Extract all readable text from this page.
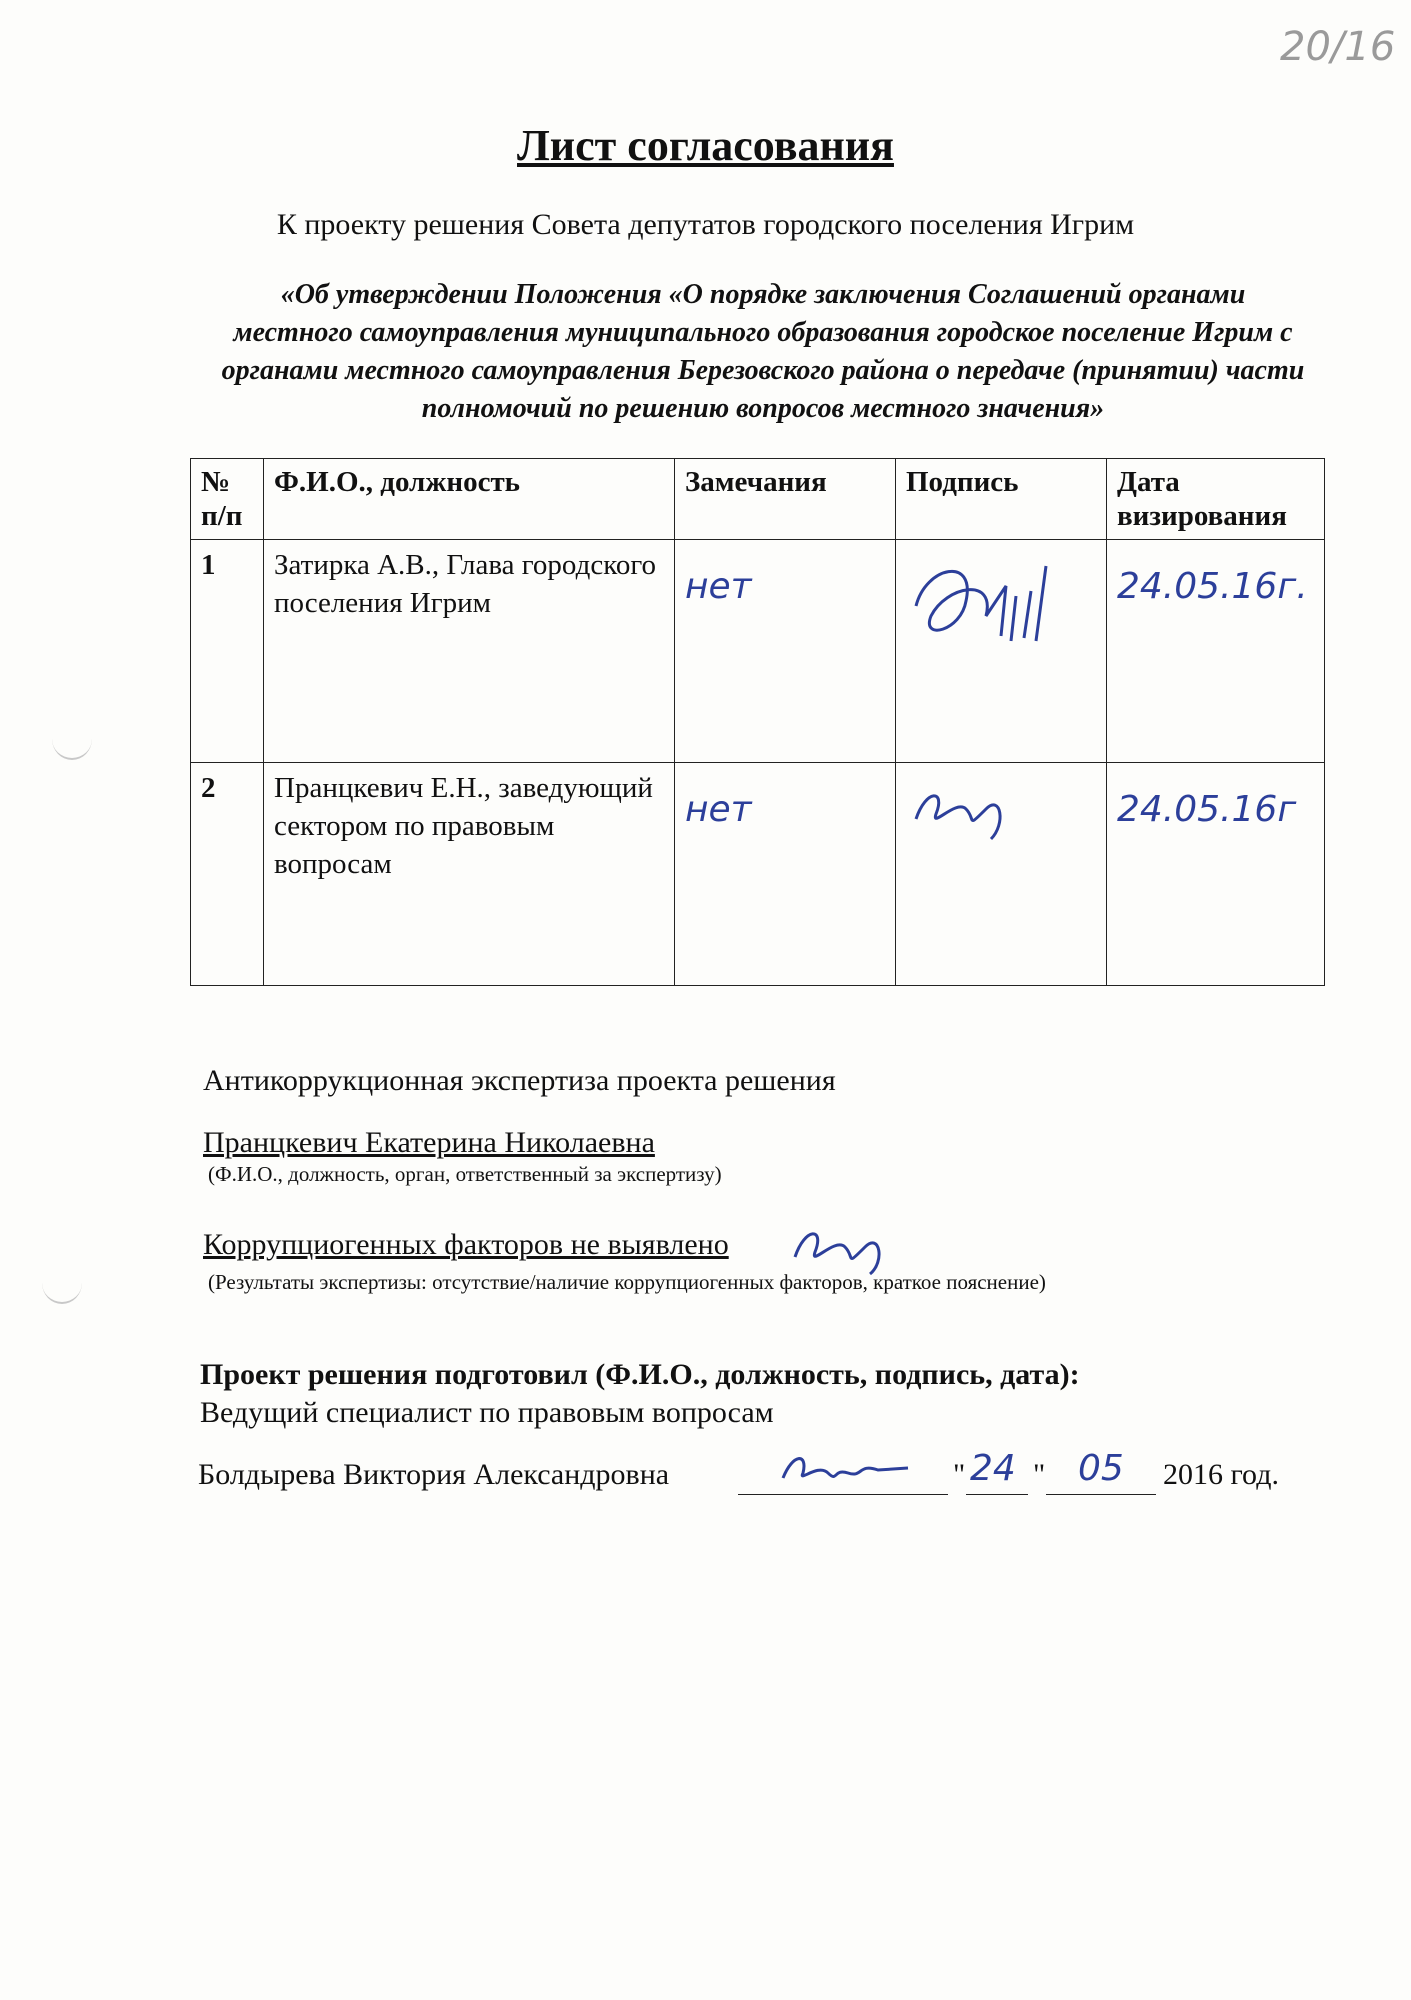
20/16
Лист согласования
К проекту решения Совета депутатов городского поселения Игрим
«Об утверждении Положения «О порядке заключения Соглашений органами местного самоуправления муниципального образования городское поселение Игрим с органами местного самоуправления Березовского района о передаче (принятии) части полномочий по решению вопросов местного значения»
№ п/п	Ф.И.О., должность	Замечания	Подпись	Дата визирования
1	Затирка А.В., Глава городского поселения Игрим	нет		24.05.16г.

2	Пранцкевич Е.Н., заведующий сектором по правовым вопросам	нет		24.05.16г
Антикоррукционная экспертиза проекта решения
Пранцкевич Екатерина Николаевна
(Ф.И.О., должность, орган, ответственный за экспертизу)
Коррупциогенных факторов не выявлено
(Результаты экспертизы: отсутствие/наличие коррупциогенных факторов, краткое пояснение)
Проект решения подготовил (Ф.И.О., должность, подпись, дата):
Ведущий специалист по правовым вопросам
Болдырева Виктория Александровна	" 24 " 05 2016 год.
